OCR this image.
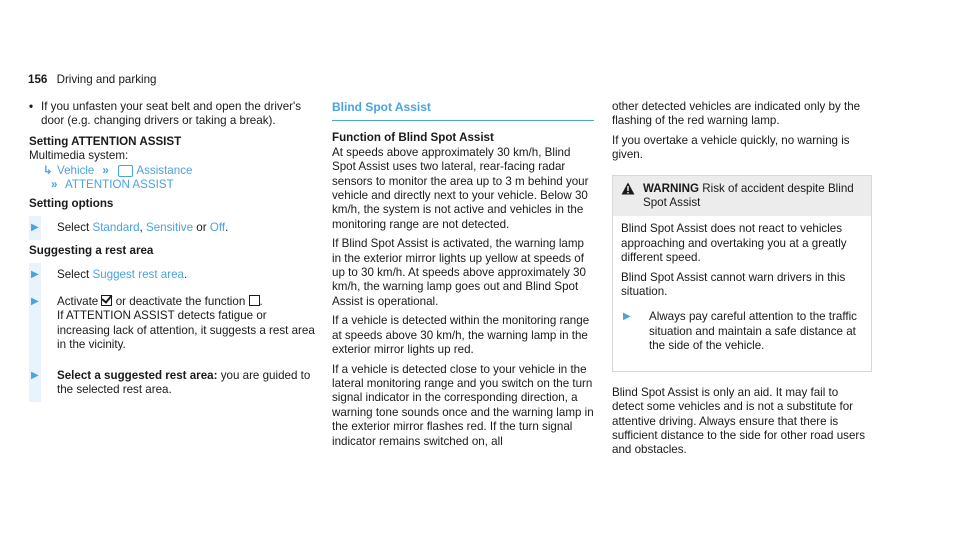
156 Driving and parking
• If you unfasten your seat belt and open the driver's door (e.g. changing drivers or taking a break).

Setting ATTENTION ASSIST

Multimedia system:

↳ Vehicle »	Assistance
» ATTENTION ASSIST

Setting options

▶	Select Standard, Sensitive or Off.

Suggesting a rest area

▶	Select Suggest rest area.

▶	Activate or deactivate the function .

If ATTENTION ASSIST detects fatigue or increasing lack of attention, it suggests a rest area in the vicinity.

▶	Select a suggested rest area: you are guided to the selected rest area.

Blind Spot Assist

Function of Blind Spot Assist

At speeds above approximately 30 km/h, Blind Spot Assist uses two lateral, rear-facing radar sensors to monitor the area up to 3 m behind your vehicle and directly next to your vehicle. Below 30 km/h, the system is not active and vehicles in the monitoring range are not detected.

If Blind Spot Assist is activated, the warning lamp in the exterior mirror lights up yellow at speeds of up to 30 km/h. At speeds above approximately 30 km/h, the warning lamp goes out and Blind Spot Assist is operational.

If a vehicle is detected within the monitoring range at speeds above 30 km/h, the warning lamp in the exterior mirror lights up red.

If a vehicle is detected close to your vehicle in the lateral monitoring range and you switch on the turn signal indicator in the corresponding direction, a warning tone sounds once and the warning lamp in the exterior mirror flashes red. If the turn signal indicator remains switched on, all

other detected vehicles are indicated only by the flashing of the red warning lamp.

If you overtake a vehicle quickly, no warning is given.

WARNING Risk of accident despite Blind Spot Assist

Blind Spot Assist does not react to vehicles approaching and overtaking you at a greatly different speed.

Blind Spot Assist cannot warn drivers in this situation.

▶	Always pay careful attention to the traffic situation and maintain a safe distance at the side of the vehicle.

Blind Spot Assist is only an aid. It may fail to detect some vehicles and is not a substitute for attentive driving. Always ensure that there is sufficient distance to the side for other road users and obstacles.
